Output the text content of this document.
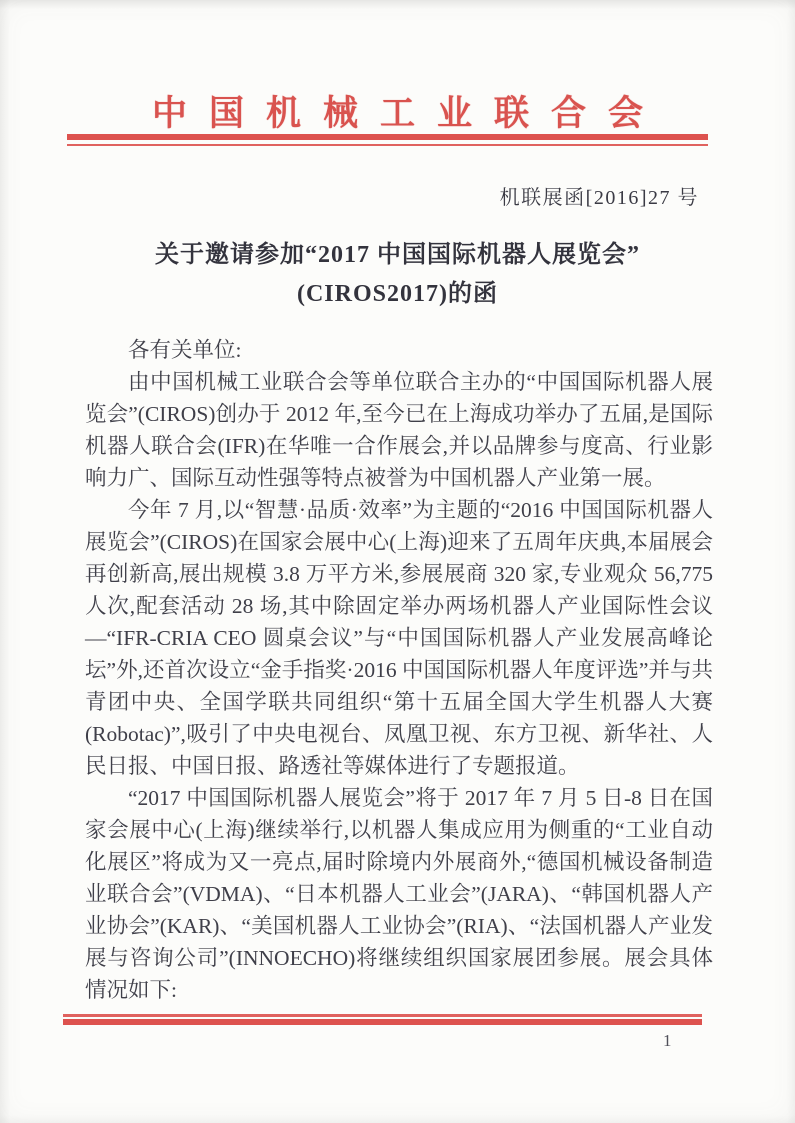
中国机械工业联合会
机联展函[2016]27 号
关于邀请参加“2017 中国国际机器人展览会”
(CIROS2017)的函

各有关单位:

由中国机械工业联合会等单位联合主办的“中国国际机器人展览会”(CIROS)创办于 2012 年,至今已在上海成功举办了五届,是国际机器人联合会(IFR)在华唯一合作展会,并以品牌参与度高、行业影响力广、国际互动性强等特点被誉为中国机器人产业第一展。

今年 7 月,以“智慧·品质·效率”为主题的“2016 中国国际机器人展览会”(CIROS)在国家会展中心(上海)迎来了五周年庆典,本届展会再创新高,展出规模 3.8 万平方米,参展展商 320 家,专业观众 56,775 人次,配套活动 28 场,其中除固定举办两场机器人产业国际性会议—“IFR-CRIA CEO 圆桌会议”与“中国国际机器人产业发展高峰论坛”外,还首次设立“金手指奖·2016 中国国际机器人年度评选”并与共青团中央、全国学联共同组织“第十五届全国大学生机器人大赛(Robotac)”,吸引了中央电视台、凤凰卫视、东方卫视、新华社、人民日报、中国日报、路透社等媒体进行了专题报道。

“2017 中国国际机器人展览会”将于 2017 年 7 月 5 日-8 日在国家会展中心(上海)继续举行,以机器人集成应用为侧重的“工业自动化展区”将成为又一亮点,届时除境内外展商外,“德国机械设备制造业联合会”(VDMA)、“日本机器人工业会”(JARA)、“韩国机器人产业协会”(KAR)、“美国机器人工业协会”(RIA)、“法国机器人产业发展与咨询公司”(INNOECHO)将继续组织国家展团参展。展会具体情况如下:

1
